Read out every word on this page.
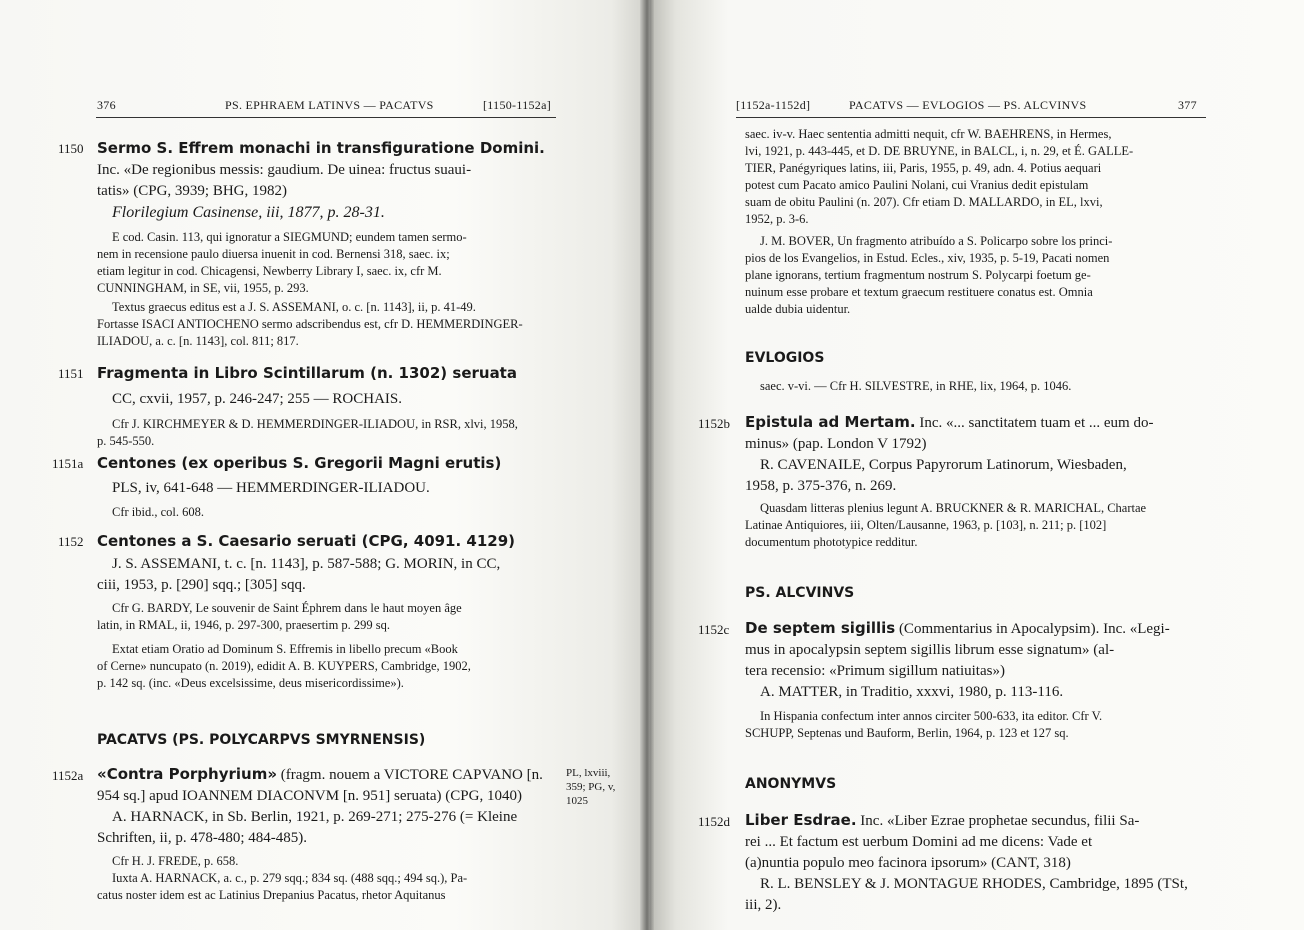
376	PS. EPHRAEM LATINVS — PACATVS	[1150-1152a]
1150 Sermo S. Effrem monachi in transfiguratione Domini.
Inc. «De regionibus messis: gaudium. De uinea: fructus suaui-
tatis» (CPG, 3939; BHG, 1982)
Florilegium Casinense, iii, 1877, p. 28-31.
E cod. Casin. 113, qui ignoratur a SIEGMUND; eundem tamen sermo-
nem in recensione paulo diuersa inuenit in cod. Bernensi 318, saec. ix;
etiam legitur in cod. Chicagensi, Newberry Library I, saec. ix, cfr M.
CUNNINGHAM, in SE, vii, 1955, p. 293.
Textus graecus editus est a J. S. ASSEMANI, o. c. [n. 1143], ii, p. 41-49.
Fortasse ISACI ANTIOCHENO sermo adscribendus est, cfr D. HEMMERDINGER-
ILIADOU, a. c. [n. 1143], col. 811; 817.
1151 Fragmenta in Libro Scintillarum (n. 1302) seruata
CC, cxvii, 1957, p. 246-247; 255 — ROCHAIS.
Cfr J. KIRCHMEYER & D. HEMMERDINGER-ILIADOU, in RSR, xlvi, 1958,
p. 545-550.
1151a Centones (ex operibus S. Gregorii Magni erutis)
PLS, iv, 641-648 — HEMMERDINGER-ILIADOU.
Cfr ibid., col. 608.
1152 Centones a S. Caesario seruati (CPG, 4091. 4129)
J. S. ASSEMANI, t. c. [n. 1143], p. 587-588; G. MORIN, in CC,
ciii, 1953, p. [290] sqq.; [305] sqq.
Cfr G. BARDY, Le souvenir de Saint Éphrem dans le haut moyen âge
latin, in RMAL, ii, 1946, p. 297-300, praesertim p. 299 sq.
Extat etiam Oratio ad Dominum S. Effremis in libello precum «Book
of Cerne» nuncupato (n. 2019), edidit A. B. KUYPERS, Cambridge, 1902,
p. 142 sq. (inc. «Deus excelsissime, deus misericordissime»).
PACATVS (PS. POLYCARPVS SMYRNENSIS)
1152a «Contra Porphyrium» (fragm. nouem a VICTORE CAPVANO [n.
954 sq.] apud IOANNEM DIACONVM [n. 951] seruata) (CPG, 1040)
A. HARNACK, in Sb. Berlin, 1921, p. 269-271; 275-276 (= Kleine
Schriften, ii, p. 478-480; 484-485).
Cfr H. J. FREDE, p. 658.
Iuxta A. HARNACK, a. c., p. 279 sqq.; 834 sq. (488 sqq.; 494 sq.), Pa-
catus noster idem est ac Latinius Drepanius Pacatus, rhetor Aquitanus
PL, lxviii,
359; PG, v,
1025
[1152a-1152d]	PACATVS — EVLOGIOS — PS. ALCVINVS	377
saec. iv-v. Haec sententia admitti nequit, cfr W. BAEHRENS, in Hermes,
lvi, 1921, p. 443-445, et D. DE BRUYNE, in BALCL, i, n. 29, et É. GALLE-
TIER, Panégyriques latins, iii, Paris, 1955, p. 49, adn. 4. Potius aequari
potest cum Pacato amico Paulini Nolani, cui Vranius dedit epistulam
suam de obitu Paulini (n. 207). Cfr etiam D. MALLARDO, in EL, lxvi,
1952, p. 3-6.
J. M. BOVER, Un fragmento atribuído a S. Policarpo sobre los princi-
pios de los Evangelios, in Estud. Ecles., xiv, 1935, p. 5-19, Pacati nomen
plane ignorans, tertium fragmentum nostrum S. Polycarpi foetum ge-
nuinum esse probare et textum graecum restituere conatus est. Omnia
ualde dubia uidentur.
EVLOGIOS
saec. v-vi. — Cfr H. SILVESTRE, in RHE, lix, 1964, p. 1046.
1152b Epistula ad Mertam. Inc. «... sanctitatem tuam et ... eum do-
minus» (pap. London V 1792)
R. CAVENAILE, Corpus Papyrorum Latinorum, Wiesbaden,
1958, p. 375-376, n. 269.
Quasdam litteras plenius legunt A. BRUCKNER & R. MARICHAL, Chartae
Latinae Antiquiores, iii, Olten/Lausanne, 1963, p. [103], n. 211; p. [102]
documentum phototypice redditur.
PS. ALCVINVS
1152c De septem sigillis (Commentarius in Apocalypsim). Inc. «Legi-
mus in apocalypsin septem sigillis librum esse signatum» (al-
tera recensio: «Primum sigillum natiuitas»)
A. MATTER, in Traditio, xxxvi, 1980, p. 113-116.
In Hispania confectum inter annos circiter 500-633, ita editor. Cfr V.
SCHUPP, Septenas und Bauform, Berlin, 1964, p. 123 et 127 sq.
ANONYMVS
1152d Liber Esdrae. Inc. «Liber Ezrae prophetae secundus, filii Sa-
rei ... Et factum est uerbum Domini ad me dicens: Vade et
(a)nuntia populo meo facinora ipsorum» (CANT, 318)
R. L. BENSLEY & J. MONTAGUE RHODES, Cambridge, 1895 (TSt,
iii, 2).
